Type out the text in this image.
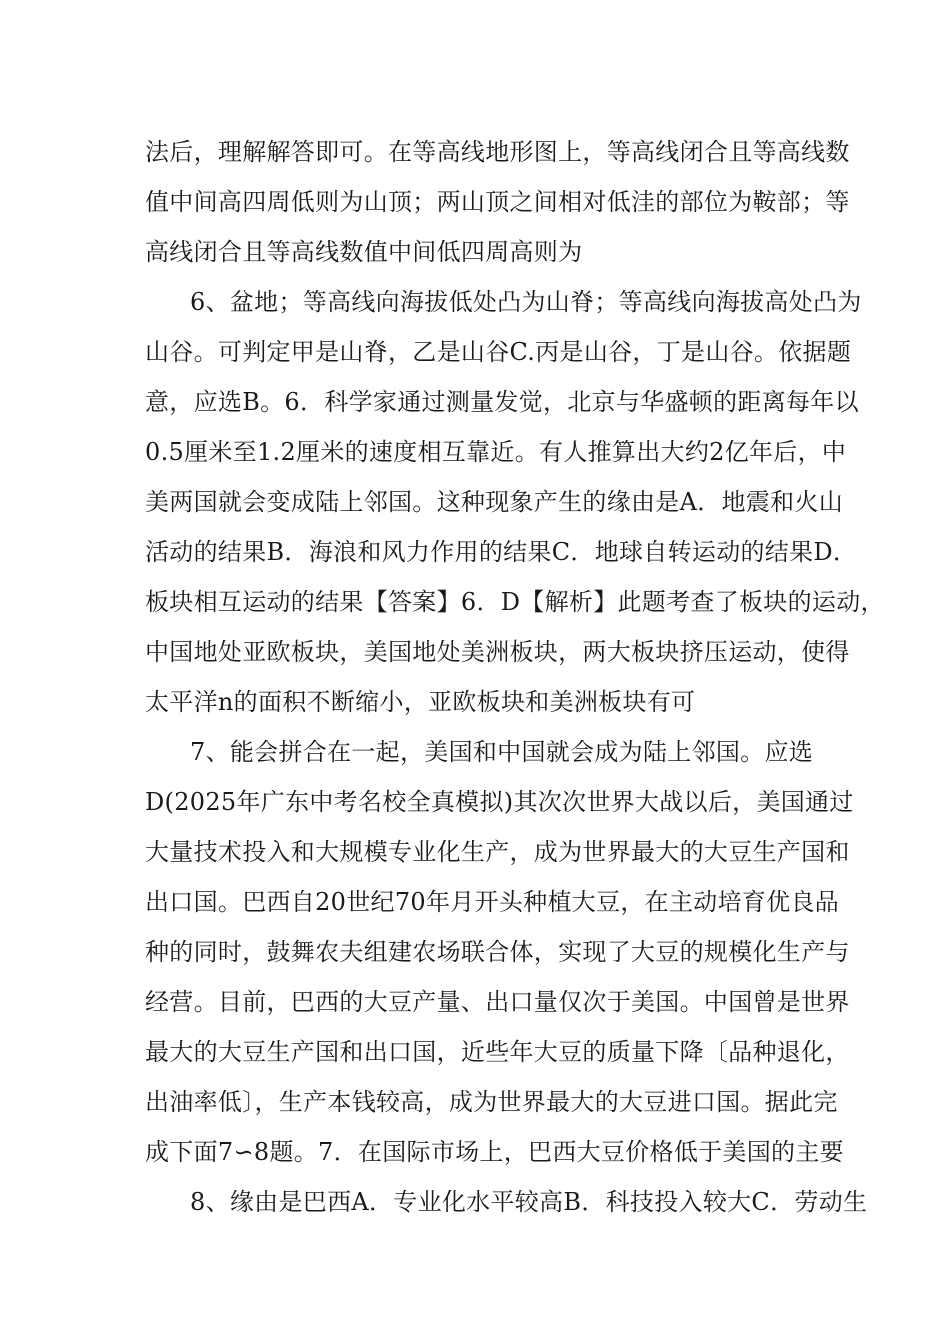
法后，理解解答即可。在等高线地形图上，等高线闭合且等高线数
值中间高四周低则为山顶；两山顶之间相对低洼的部位为鞍部；等
高线闭合且等高线数值中间低四周高则为
6、盆地；等高线向海拔低处凸为山脊；等高线向海拔高处凸为
山谷。可判定甲是山脊，乙是山谷C.丙是山谷，丁是山谷。依据题
意，应选B。6．科学家通过测量发觉，北京与华盛顿的距离每年以
0.5厘米至1.2厘米的速度相互靠近。有人推算出大约2亿年后，中
美两国就会变成陆上邻国。这种现象产生的缘由是A．地震和火山
活动的结果B．海浪和风力作用的结果C．地球自转运动的结果D．
板块相互运动的结果【答案】6．D【解析】此题考查了板块的运动，
中国地处亚欧板块，美国地处美洲板块，两大板块挤压运动，使得
太平洋n的面积不断缩小，亚欧板块和美洲板块有可
7、能会拼合在一起，美国和中国就会成为陆上邻国。应选
D(2025年广东中考名校全真模拟)其次次世界大战以后，美国通过
大量技术投入和大规模专业化生产，成为世界最大的大豆生产国和
出口国。巴西自20世纪70年月开头种植大豆，在主动培育优良品
种的同时，鼓舞农夫组建农场联合体，实现了大豆的规模化生产与
经营。目前，巴西的大豆产量、出口量仅次于美国。中国曾是世界
最大的大豆生产国和出口国，近些年大豆的质量下降〔品种退化，
出油率低〕，生产本钱较高，成为世界最大的大豆进口国。据此完
成下面7∽8题。7．在国际市场上，巴西大豆价格低于美国的主要
8、缘由是巴西A．专业化水平较高B．科技投入较大C．劳动生
